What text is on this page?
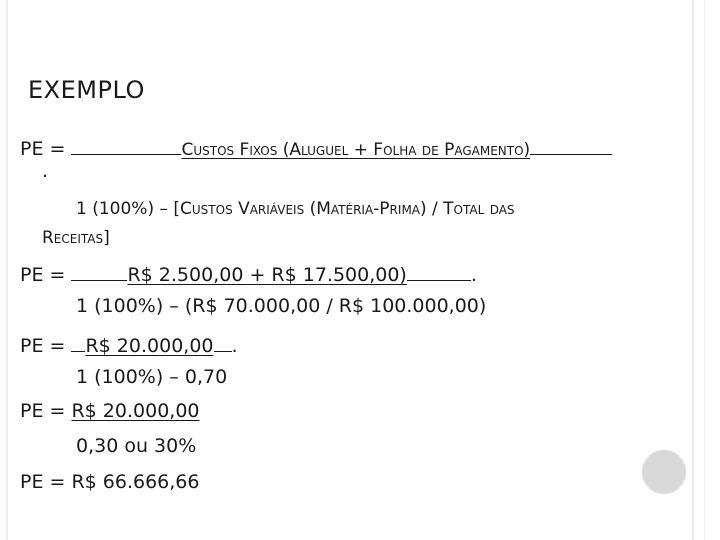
EXEMPLO
PE =	Custos Fixos (Aluguel + Folha de Pagamento)
.
1 (100%) – [Custos Variáveis (Matéria-Prima) / Total das
Receitas]
PE =	R$ 2.500,00 + R$ 17.500,00)	.
1 (100%) – (R$ 70.000,00 / R$ 100.000,00)
PE = R$ 20.000,00 .
1 (100%) – 0,70
PE = R$ 20.000,00
0,30 ou 30%
PE = R$ 66.666,66
